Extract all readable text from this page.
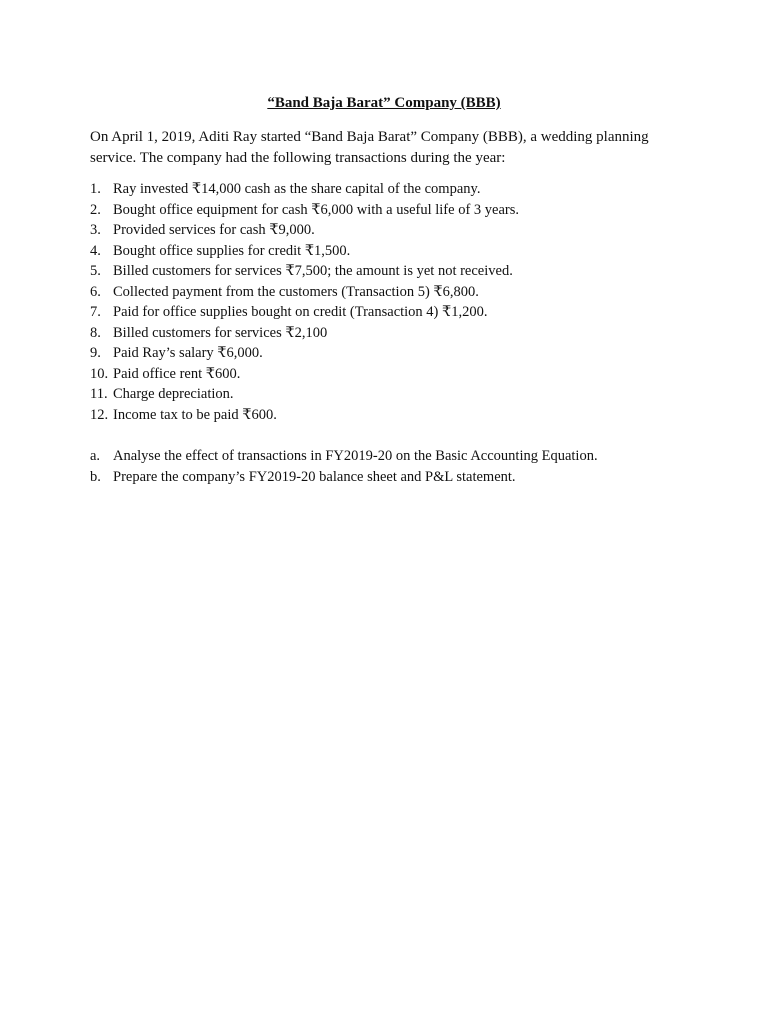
“Band Baja Barat” Company (BBB)

On April 1, 2019, Aditi Ray started “Band Baja Barat” Company (BBB), a wedding planning service. The company had the following transactions during the year:

1. Ray invested ₹14,000 cash as the share capital of the company.
2. Bought office equipment for cash ₹6,000 with a useful life of 3 years.
3. Provided services for cash ₹9,000.
4. Bought office supplies for credit ₹1,500.
5. Billed customers for services ₹7,500; the amount is yet not received.
6. Collected payment from the customers (Transaction 5) ₹6,800.
7. Paid for office supplies bought on credit (Transaction 4) ₹1,200.
8. Billed customers for services ₹2,100
9. Paid Ray’s salary ₹6,000.
10. Paid office rent ₹600.
11. Charge depreciation.
12. Income tax to be paid ₹600.
a. Analyse the effect of transactions in FY2019-20 on the Basic Accounting Equation.
b. Prepare the company’s FY2019-20 balance sheet and P&L statement.
